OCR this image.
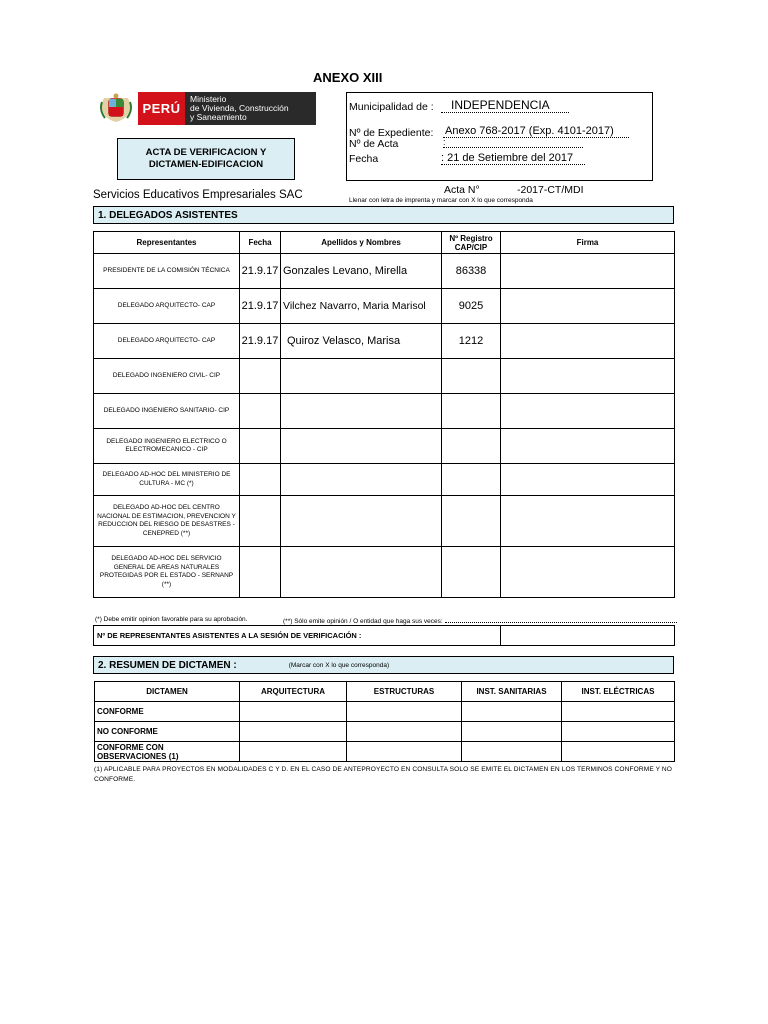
ANEXO XIII
PERÚ
Ministerio
de Vivienda, Construcción
y Saneamiento
ACTA DE VERIFICACION Y DICTAMEN-EDIFICACION
Municipalidad de :	INDEPENDENCIA
Nº de Expediente: Anexo 768-2017 (Exp. 4101-2017)
Nº de Acta	:
Fecha	: 21 de Setiembre del 2017
Servicios Educativos Empresariales SAC	Acta N°	-2017-CT/MDI
Llenar con letra de imprenta y marcar con X lo que corresponda
1. DELEGADOS ASISTENTES
Representantes	Fecha	Apellidos y Nombres	Nº Registro CAP/CIP	Firma
PRESIDENTE DE LA COMISIÓN TÉCNICA	21.9.17	Gonzales Levano, Mirella	86338	
DELEGADO ARQUITECTO- CAP	21.9.17	Vilchez Navarro, Maria Marisol	9025	
DELEGADO ARQUITECTO- CAP	21.9.17	Quiroz Velasco, Marisa	1212	
DELEGADO INGENIERO CIVIL- CIP				
DELEGADO INGENIERO SANITARIO- CIP				
DELEGADO INGENIERO ELECTRICO O ELECTROMECANICO - CIP				
DELEGADO AD-HOC DEL MINISTERIO DE CULTURA - MC (*)				
DELEGADO AD-HOC DEL CENTRO NACIONAL DE ESTIMACION, PREVENCION Y REDUCCION DEL RIESGO DE DESASTRES - CENEPRED (**)				
DELEGADO AD-HOC DEL SERVICIO GENERAL DE AREAS NATURALES PROTEGIDAS POR EL ESTADO - SERNANP (**)				
(*) Debe emitir opinion favorable para su aprobación.	(**) Sólo emite opinión / O entidad que haga sus veces:
Nº DE REPRESENTANTES ASISTENTES A LA SESIÓN DE VERIFICACIÓN :	
2. RESUMEN DE DICTAMEN :	(Marcar con X lo que corresponda)
DICTAMEN	ARQUITECTURA	ESTRUCTURAS	INST. SANITARIAS	INST. ELÉCTRICAS
CONFORME				
NO CONFORME				

CONFORME CON OBSERVACIONES (1)				

(1) APLICABLE PARA PROYECTOS EN MODALIDADES C Y D. EN EL CASO DE ANTEPROYECTO EN CONSULTA SOLO SE EMITE EL DICTAMEN EN LOS TERMINOS CONFORME Y NO CONFORME.
